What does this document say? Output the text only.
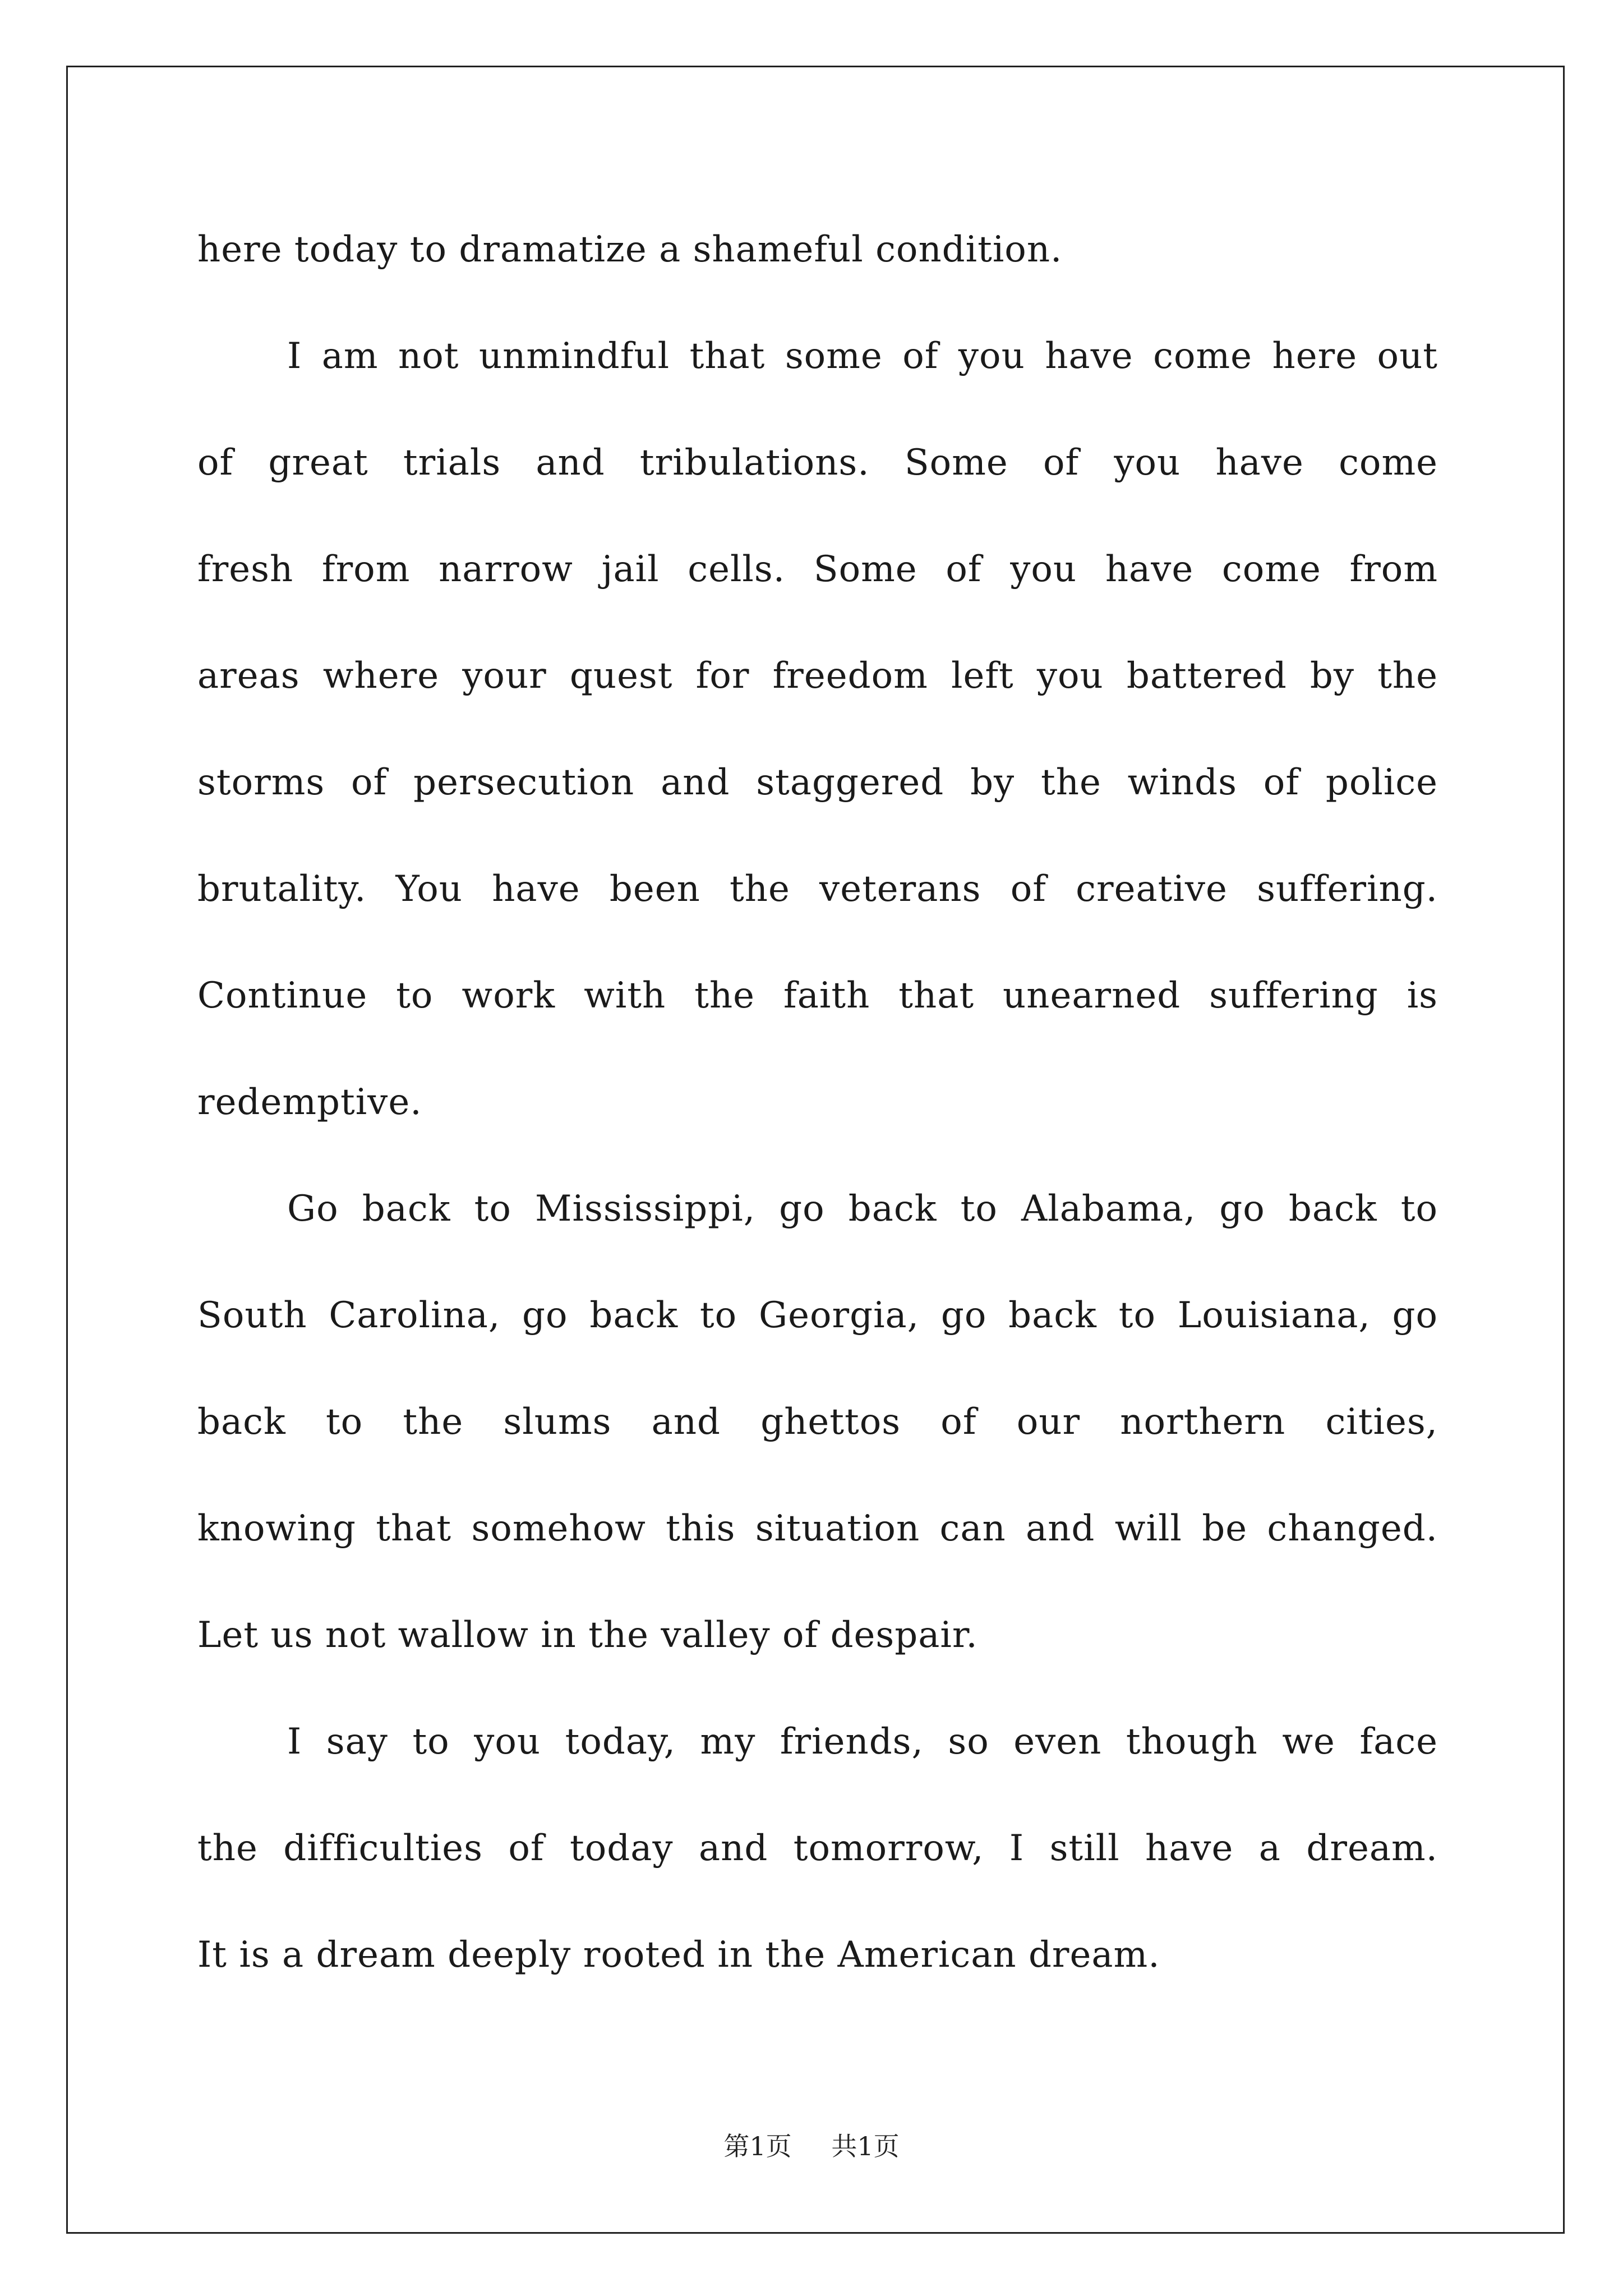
here today to dramatize a shameful condition.
I am not unmindful that some of you have come here out
of great trials and tribulations. Some of you have come
fresh from narrow jail cells. Some of you have come from
areas where your quest for freedom left you battered by the
storms of persecution and staggered by the winds of police
brutality. You have been the veterans of creative suffering.
Continue to work with the faith that unearned suffering is
redemptive.
Go back to Mississippi, go back to Alabama, go back to
South Carolina, go back to Georgia, go back to Louisiana, go
back to the slums and ghettos of our northern cities,
knowing that somehow this situation can and will be changed.
Let us not wallow in the valley of despair.
I say to you today, my friends, so even though we face
the difficulties of today and tomorrow, I still have a dream.
It is a dream deeply rooted in the American dream.
第1页 共1页
